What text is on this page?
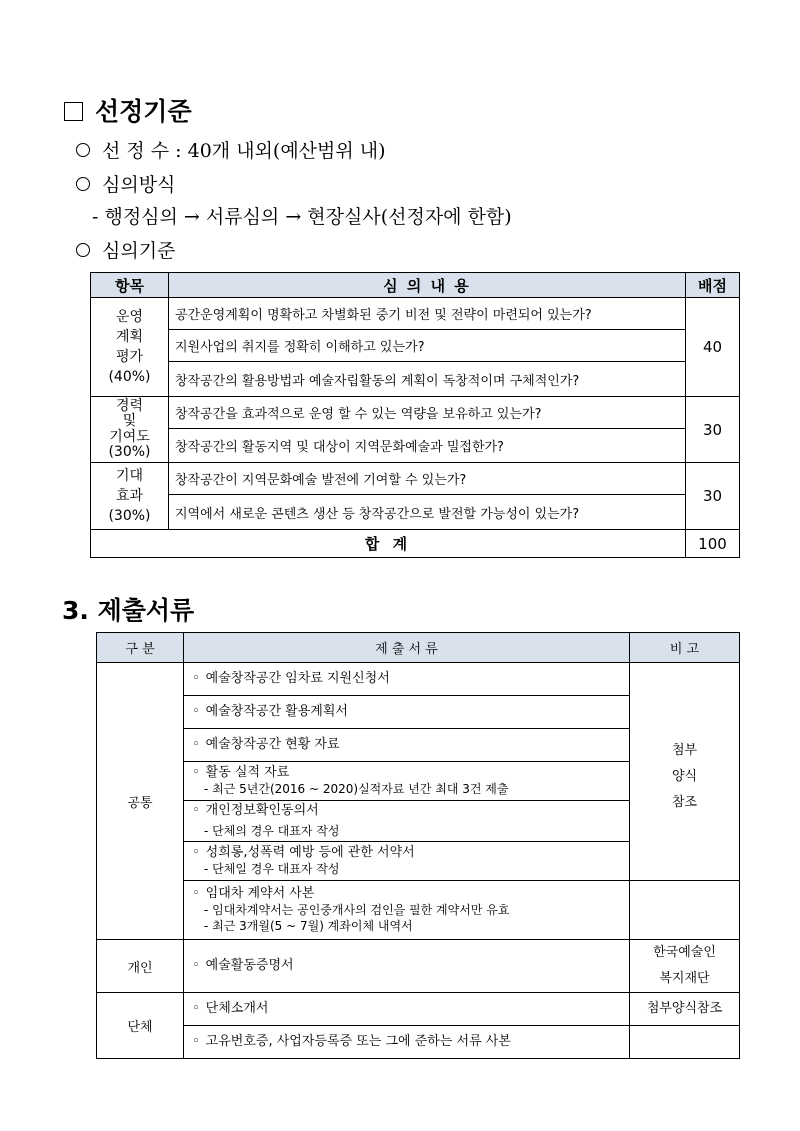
선정기준
선 정 수 : 40개 내외(예산범위 내)
심의방식
- 행정심의 → 서류심의 → 현장실사(선정자에 한함)
심의기준
항목	심 의 내 용	배점

운영
계획
평가
(40%)	공간운영계획이 명확하고 차별화된 중기 비전 및 전략이 마련되어 있는가?	40
	지원사업의 취지를 정확히 이해하고 있는가?	
	창작공간의 활용방법과 예술자립활동의 계획이 독창적이며 구체적인가?	

경력
및
기여도
(30%)	창작공간을 효과적으로 운영 할 수 있는 역량을 보유하고 있는가?	30
	창작공간의 활동지역 및 대상이 지역문화예술과 밀접한가?	

기대
효과
(30%)	창작공간이 지역문화예술 발전에 기여할 수 있는가?	30
	지역에서 새로운 콘텐츠 생산 등 창작공간으로 발전할 가능성이 있는가?	
합 계		100
3. 제출서류
구 분	제 출 서 류	비 고
공통	◦ 예술창작공간 임차료 지원신청서	첨부
양식
참조

	◦ 예술창작공간 활용계획서	
	◦ 예술창작공간 현황 자료	

	◦ 활동 실적 자료
- 최근 5년간(2016 ~ 2020)실적자료 년간 최대 3건 제출	

	◦ 개인정보확인동의서
- 단체의 경우 대표자 작성	

	◦ 성희롱,성폭력 예방 등에 관한 서약서
- 단체일 경우 대표자 작성	

	◦ 임대차 계약서 사본
- 임대차계약서는 공인중개사의 검인을 필한 계약서만 유효
- 최근 3개월(5 ~ 7월) 계좌이체 내역서	

개인	◦ 예술활동증명서	한국예술인
복지재단

단체	◦ 단체소개서	첨부양식참조
	◦ 고유번호증, 사업자등록증 또는 그에 준하는 서류 사본	
